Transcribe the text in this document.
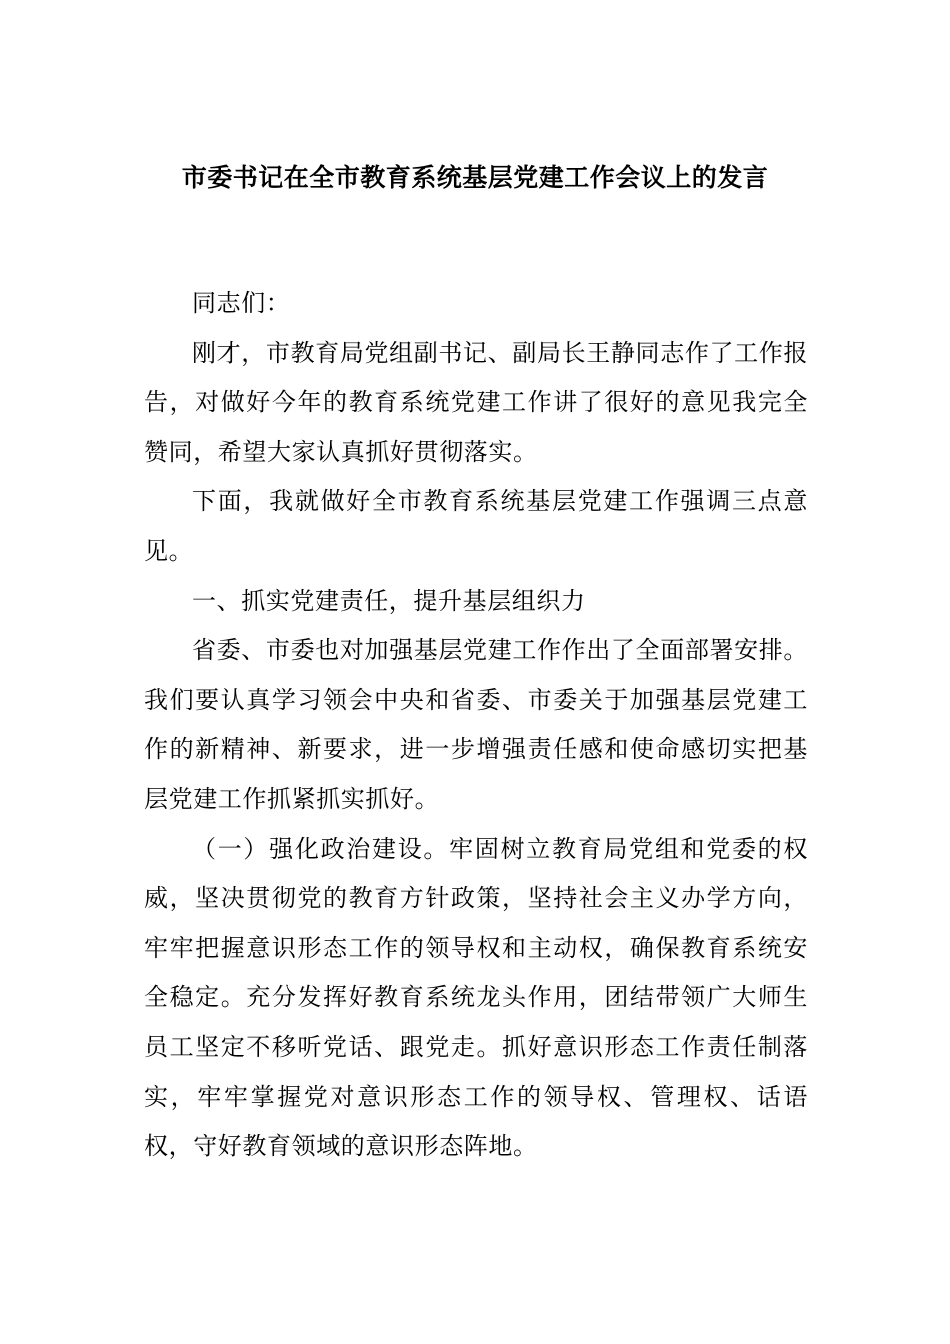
市委书记在全市教育系统基层党建工作会议上的发言

同志们：

刚才，市教育局党组副书记、副局长王静同志作了工作报告，对做好今年的教育系统党建工作讲了很好的意见我完全赞同，希望大家认真抓好贯彻落实。

下面，我就做好全市教育系统基层党建工作强调三点意见。

一、抓实党建责任，提升基层组织力

省委、市委也对加强基层党建工作作出了全面部署安排。我们要认真学习领会中央和省委、市委关于加强基层党建工作的新精神、新要求，进一步增强责任感和使命感切实把基层党建工作抓紧抓实抓好。

（一）强化政治建设。牢固树立教育局党组和党委的权威，坚决贯彻党的教育方针政策，坚持社会主义办学方向，牢牢把握意识形态工作的领导权和主动权，确保教育系统安全稳定。充分发挥好教育系统龙头作用，团结带领广大师生员工坚定不移听党话、跟党走。抓好意识形态工作责任制落实，牢牢掌握党对意识形态工作的领导权、管理权、话语权，守好教育领域的意识形态阵地。
